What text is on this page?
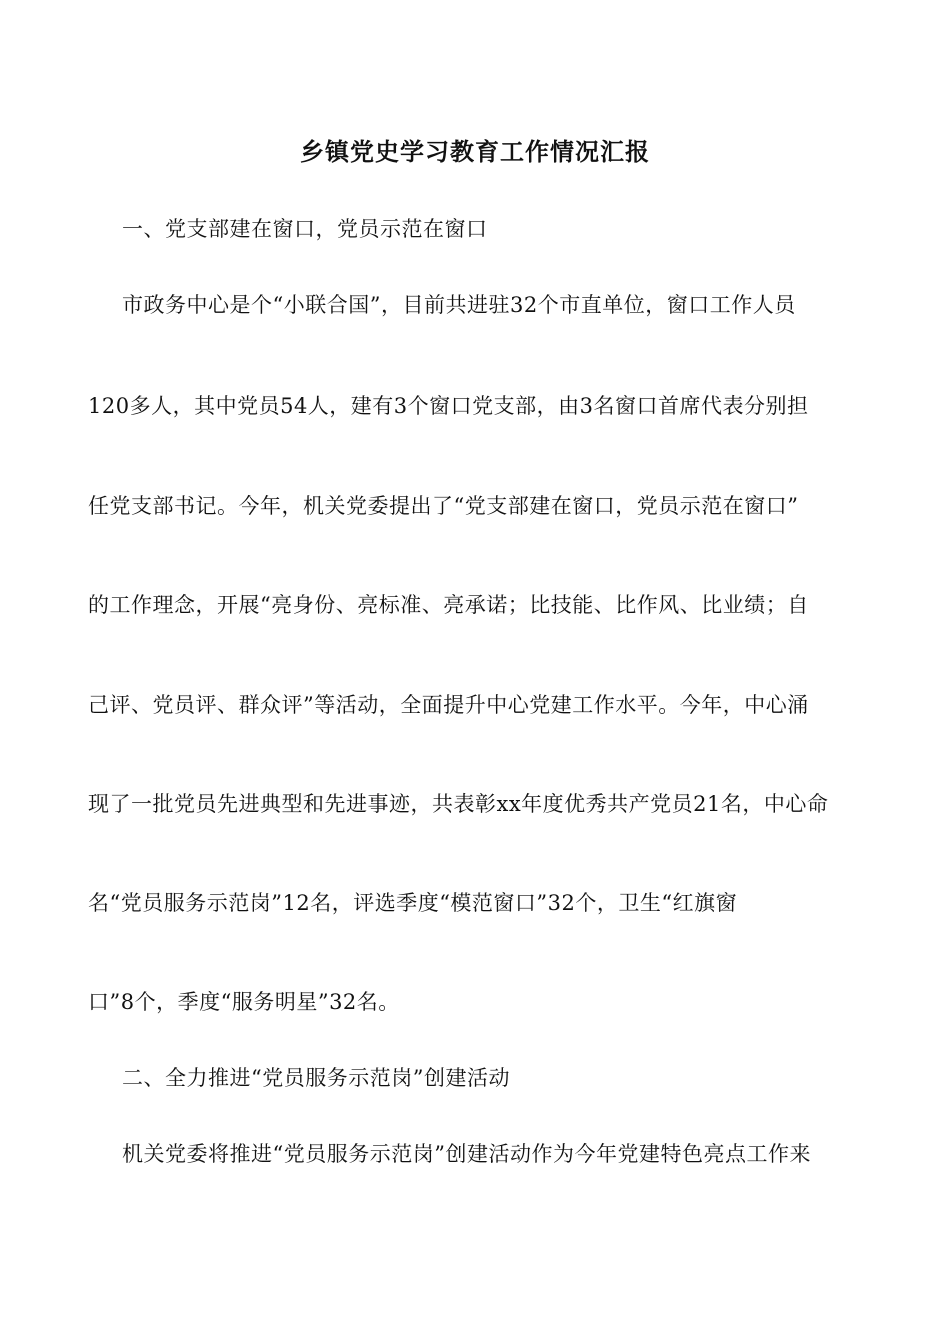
乡镇党史学习教育工作情况汇报
一、党支部建在窗口，党员示范在窗口
市政务中心是个“小联合国”，目前共进驻32个市直单位，窗口工作人员
120多人，其中党员54人，建有3个窗口党支部，由3名窗口首席代表分别担
任党支部书记。今年，机关党委提出了“党支部建在窗口，党员示范在窗口”
的工作理念，开展“亮身份、亮标准、亮承诺；比技能、比作风、比业绩；自
己评、党员评、群众评”等活动，全面提升中心党建工作水平。今年，中心涌
现了一批党员先进典型和先进事迹，共表彰xx年度优秀共产党员21名，中心命
名“党员服务示范岗”12名，评选季度“模范窗口”32个，卫生“红旗窗
口”8个，季度“服务明星”32名。
二、全力推进“党员服务示范岗”创建活动
机关党委将推进“党员服务示范岗”创建活动作为今年党建特色亮点工作来
